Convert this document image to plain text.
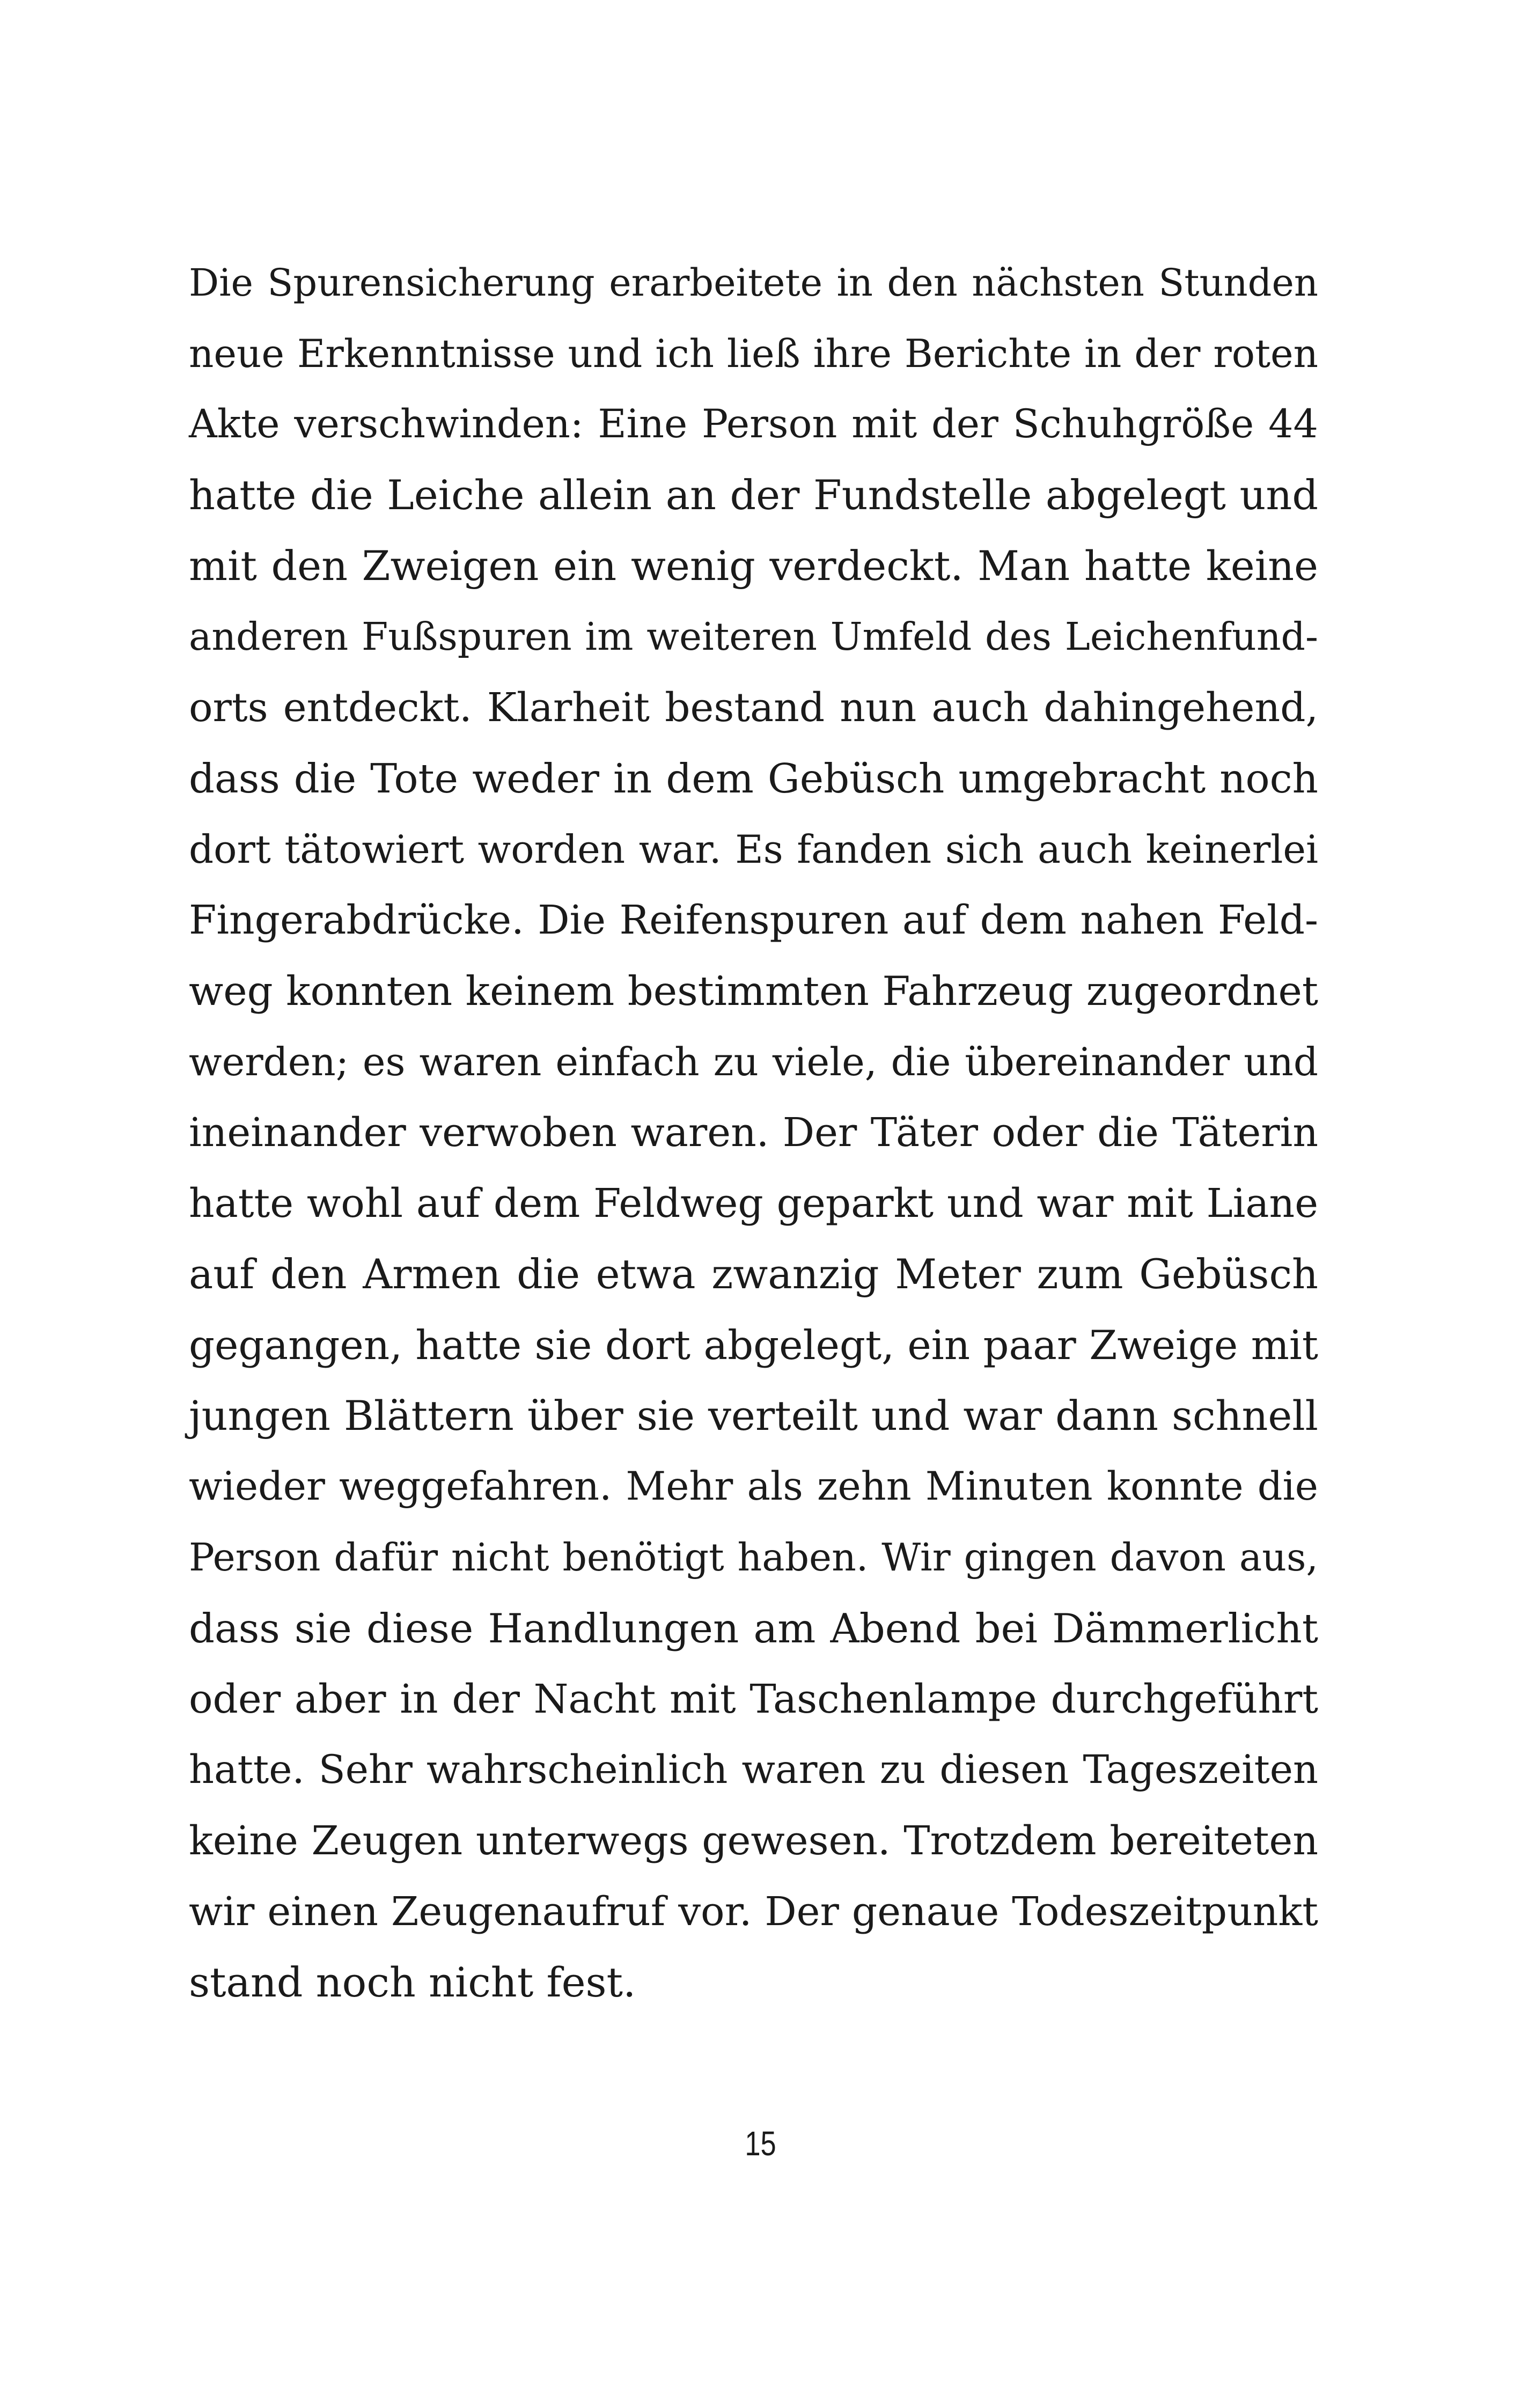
Die Spurensicherung erarbeitete in den nächsten Stunden
neue Erkenntnisse und ich ließ ihre Berichte in der roten
Akte verschwinden: Eine Person mit der Schuhgröße 44
hatte die Leiche allein an der Fundstelle abgelegt und
mit den Zweigen ein wenig verdeckt. Man hatte keine
anderen Fußspuren im weiteren Umfeld des Leichenfund-
orts entdeckt. Klarheit bestand nun auch dahingehend,
dass die Tote weder in dem Gebüsch umgebracht noch
dort tätowiert worden war. Es fanden sich auch keinerlei
Fingerabdrücke. Die Reifenspuren auf dem nahen Feld-
weg konnten keinem bestimmten Fahrzeug zugeordnet
werden; es waren einfach zu viele, die übereinander und
ineinander verwoben waren. Der Täter oder die Täterin
hatte wohl auf dem Feldweg geparkt und war mit Liane
auf den Armen die etwa zwanzig Meter zum Gebüsch
gegangen, hatte sie dort abgelegt, ein paar Zweige mit
jungen Blättern über sie verteilt und war dann schnell
wieder weggefahren. Mehr als zehn Minuten konnte die
Person dafür nicht benötigt haben. Wir gingen davon aus,
dass sie diese Handlungen am Abend bei Dämmerlicht
oder aber in der Nacht mit Taschenlampe durchgeführt
hatte. Sehr wahrscheinlich waren zu diesen Tageszeiten
keine Zeugen unterwegs gewesen. Trotzdem bereiteten
wir einen Zeugenaufruf vor. Der genaue Todeszeitpunkt
stand noch nicht fest.
15
